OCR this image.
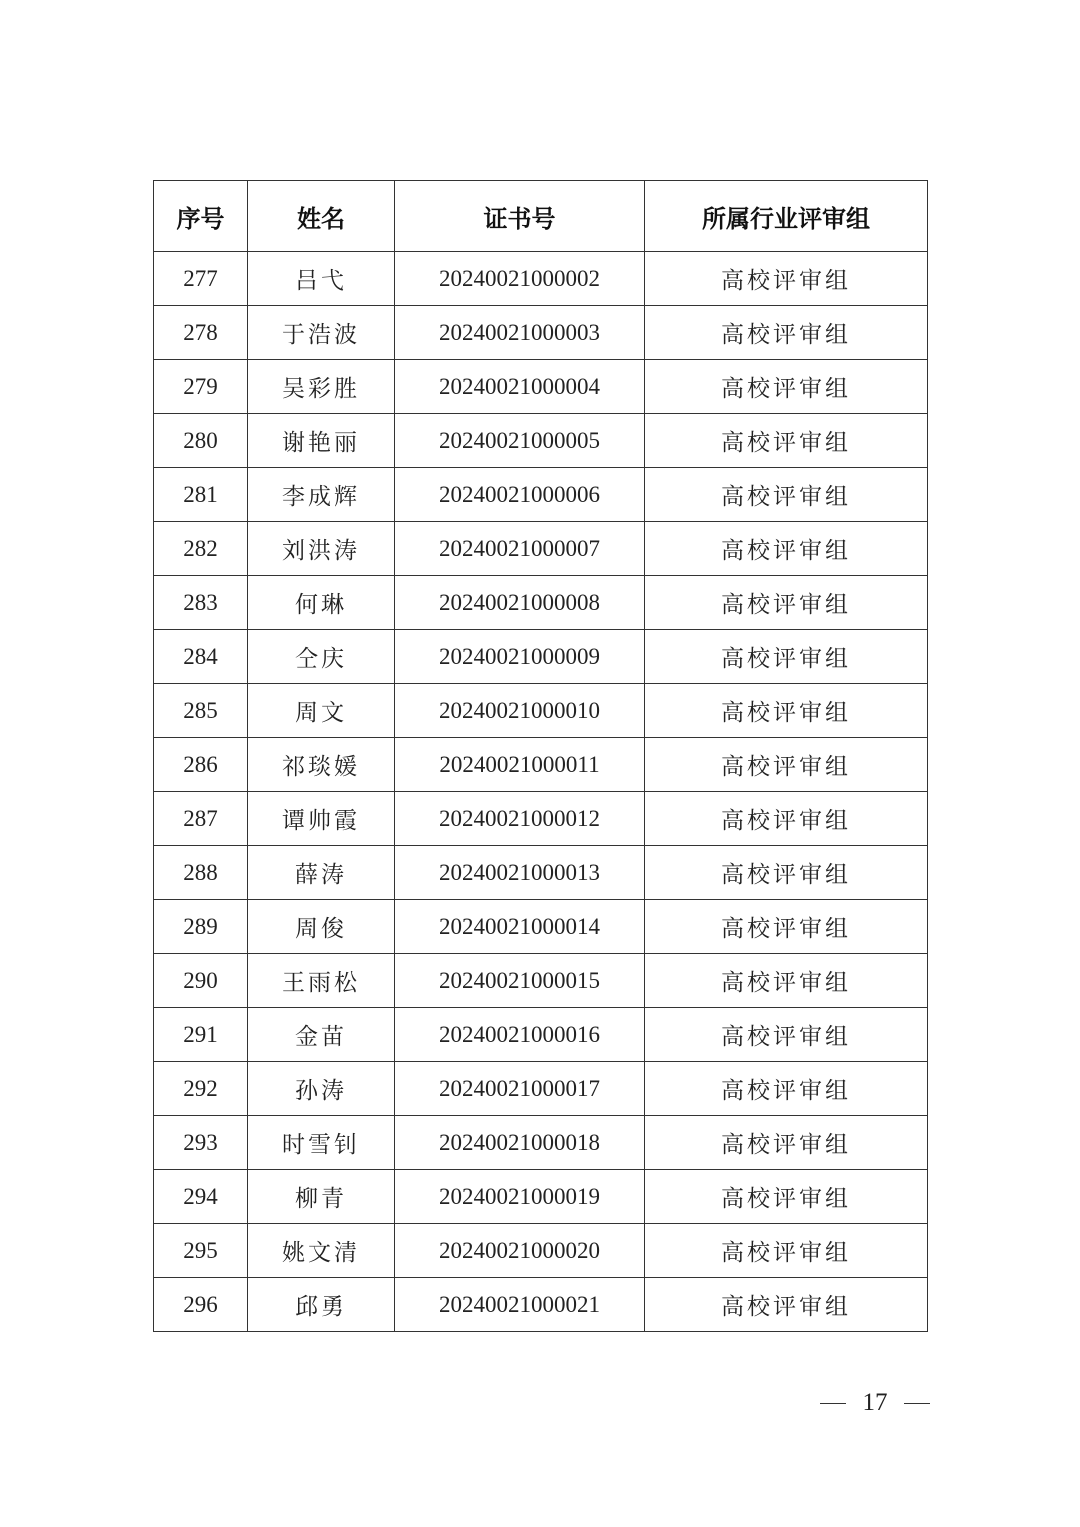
序号	姓名	证书号	所属行业评审组
277	吕弋	20240021000002	高校评审组
278	于浩波	20240021000003	高校评审组
279	吴彩胜	20240021000004	高校评审组
280	谢艳丽	20240021000005	高校评审组
281	李成辉	20240021000006	高校评审组
282	刘洪涛	20240021000007	高校评审组
283	何琳	20240021000008	高校评审组
284	仝庆	20240021000009	高校评审组
285	周文	20240021000010	高校评审组
286	祁琰媛	20240021000011	高校评审组
287	谭帅霞	20240021000012	高校评审组
288	薛涛	20240021000013	高校评审组
289	周俊	20240021000014	高校评审组
290	王雨松	20240021000015	高校评审组
291	金苗	20240021000016	高校评审组
292	孙涛	20240021000017	高校评审组
293	时雪钊	20240021000018	高校评审组
294	柳青	20240021000019	高校评审组
295	姚文清	20240021000020	高校评审组
296	邱勇	20240021000021	高校评审组
17
